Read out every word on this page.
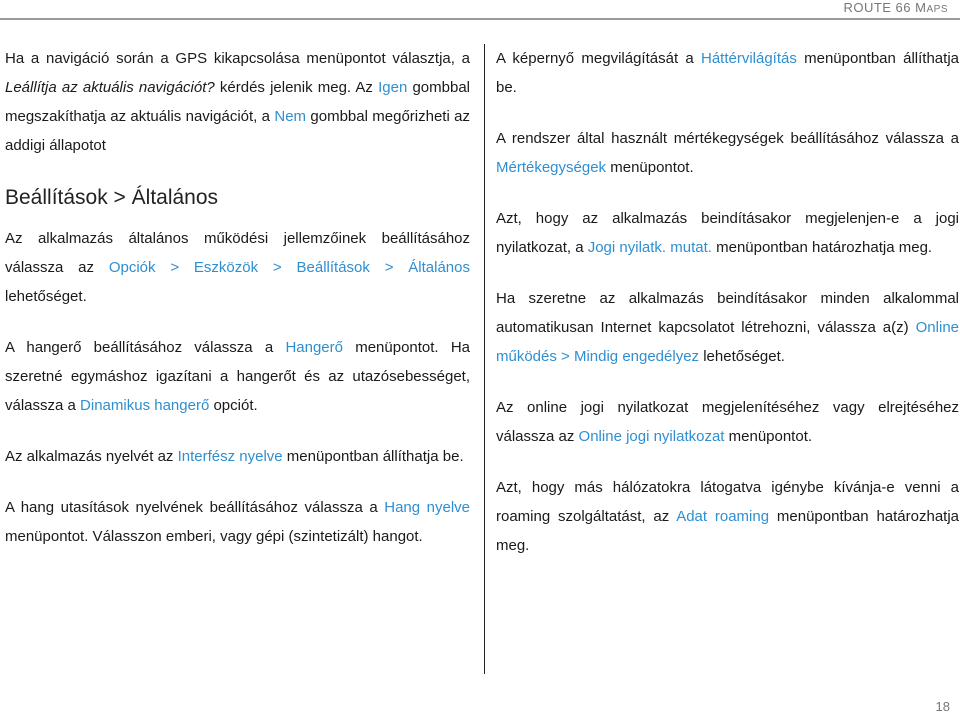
ROUTE 66 MAPS

Ha a navigáció során a GPS kikapcsolása menüpontot választja, a Leállítja az aktuális navigációt? kérdés jelenik meg. Az Igen gombbal megszakíthatja az aktuális navigációt, a Nem gombbal megőrizheti az addigi állapotot

Beállítások > Általános

Az alkalmazás általános működési jellemzőinek beállításához válassza az Opciók > Eszközök > Beállítások > Általános lehetőséget.

A hangerő beállításához válassza a Hangerő menüpontot. Ha szeretné egymáshoz igazítani a hangerőt és az utazósebességet, válassza a Dinamikus hangerő opciót.

Az alkalmazás nyelvét az Interfész nyelve menüpontban állíthatja be.

A hang utasítások nyelvének beállításához válassza a Hang nyelve menüpontot. Válasszon emberi, vagy gépi (szintetizált) hangot.

A képernyő megvilágítását a Háttérvilágítás menüpontban állíthatja be.

A rendszer által használt mértékegységek beállításához válassza a Mértékegységek menüpontot.

Azt, hogy az alkalmazás beindításakor megjelenjen-e a jogi nyilatkozat, a Jogi nyilatk. mutat. menüpontban határozhatja meg.

Ha szeretne az alkalmazás beindításakor minden alkalommal automatikusan Internet kapcsolatot létrehozni, válassza a(z) Online működés > Mindig engedélyez lehetőséget.

Az online jogi nyilatkozat megjelenítéséhez vagy elrejtéséhez válassza az Online jogi nyilatkozat menüpontot.

Azt, hogy más hálózatokra látogatva igénybe kívánja-e venni a roaming szolgáltatást, az Adat roaming menüpontban határozhatja meg.

18
